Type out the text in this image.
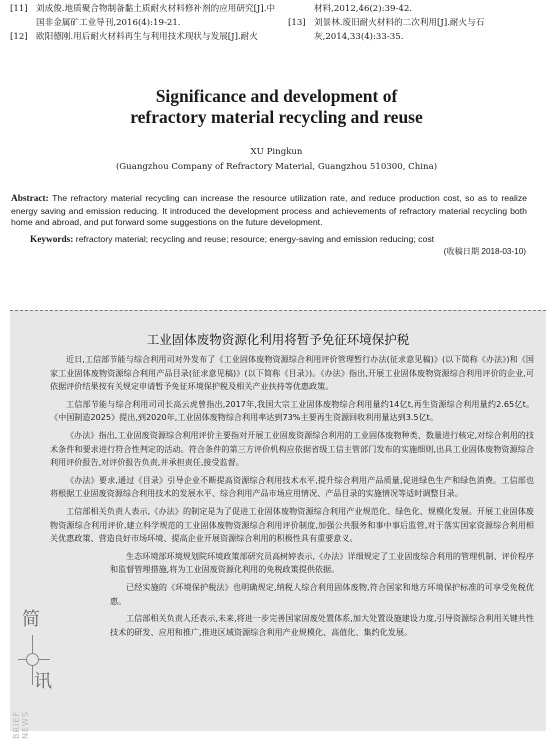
[11] 刘成俊.地质聚合物制备黏土质耐火材料修补剂的应用研究[J].中国非金属矿工业导刊,2016(4):19-21.
[12] 欧阳德刚.用后耐火材料再生与利用技术现状与发展[J].耐火
材料,2012,46(2):39-42.
[13] 刘景林.废旧耐火材料的二次利用[J].耐火与石灰,2014,33(4):33-35.
Significance and development of
refractory material recycling and reuse
XU Pingkun
(Guangzhou Company of Refractory Material, Guangzhou 510300, China)
Abstract: The refractory material recycling can increase the resource utilization rate, and reduce production cost, so as to realize energy saving and emission reducing. It introduced the development process and achievements of refractory material recycling both home and abroad, and put forward some suggestions on the future development.
Keywords: refractory material; recycling and reuse; resource; energy-saving and emission reducing; cost
(收稿日期 2018-03-10)
工业固体废物资源化利用将暂予免征环境保护税

近日,工信部节能与综合利用司对外发布了《工业固体废物资源综合利用评价管理暂行办法(征求意见稿)》(以下简称《办法》)和《国家工业固体废物资源综合利用产品目录(征求意见稿)》(以下简称《目录》)。《办法》指出,开展工业固体废物资源综合利用评价的企业,可依据评价结果按有关规定申请暂予免征环境保护税及相关产业扶持等优惠政策。

工信部节能与综合利用司司长高云虎曾指出,2017年,我国大宗工业固体废物综合利用量约14亿t,再生资源综合利用量约2.65亿t。《中国制造2025》提出,到2020年,工业固体废物综合利用率达到73%主要再生资源回收利用量达到3.5亿t。

《办法》指出,工业固废资源综合利用评价主要指对开展工业固废资源综合利用的工业固体废物种类、数量进行核定,对综合利用的技术条件和要求进行符合性判定的活动。符合条件的第三方评价机构应依据省级工信主管部门发布的实施细则,出具工业固体废物资源综合利用评价报告,对评价报告负责,并承担责任,接受监督。

《办法》要求,通过《目录》引导企业不断提高资源综合利用技术水平,提升综合利用产品质量,促进绿色生产和绿色消费。工信部也将根据工业固废资源综合利用技术的发展水平、综合利用产品市场应用情况、产品目录的实施情况等适时调整目录。

工信部相关负责人表示,《办法》的制定是为了促进工业固体废物资源综合利用产业规范化、绿色化、规模化发展。开展工业固体废物资源综合利用评价,建立科学规范的工业固体废物资源综合利用评价制度,加强公共服务和事中事后监管,对于落实国家资源综合利用相关优惠政策、营造良好市场环境、提高企业开展资源综合利用的积极性具有重要意义。

生态环境部环境规划院环境政策部研究员高树婷表示,《办法》详细规定了工业固废综合利用的管理机制、评价程序和监督管理措施,将为工业固废资源化利用的免税政策提供依据。

已经实施的《环境保护税法》也明确规定,纳税人综合利用固体废物,符合国家和地方环境保护标准的可享受免税优惠。

工信部相关负责人还表示,未来,将进一步完善国家固废处置体系,加大处置设施建设力度,引导资源综合利用关键共性技术的研发、应用和推广,推进区域资源综合利用产业规模化、高值化、集约化发展。

简
讯
BRIEF NEWS
